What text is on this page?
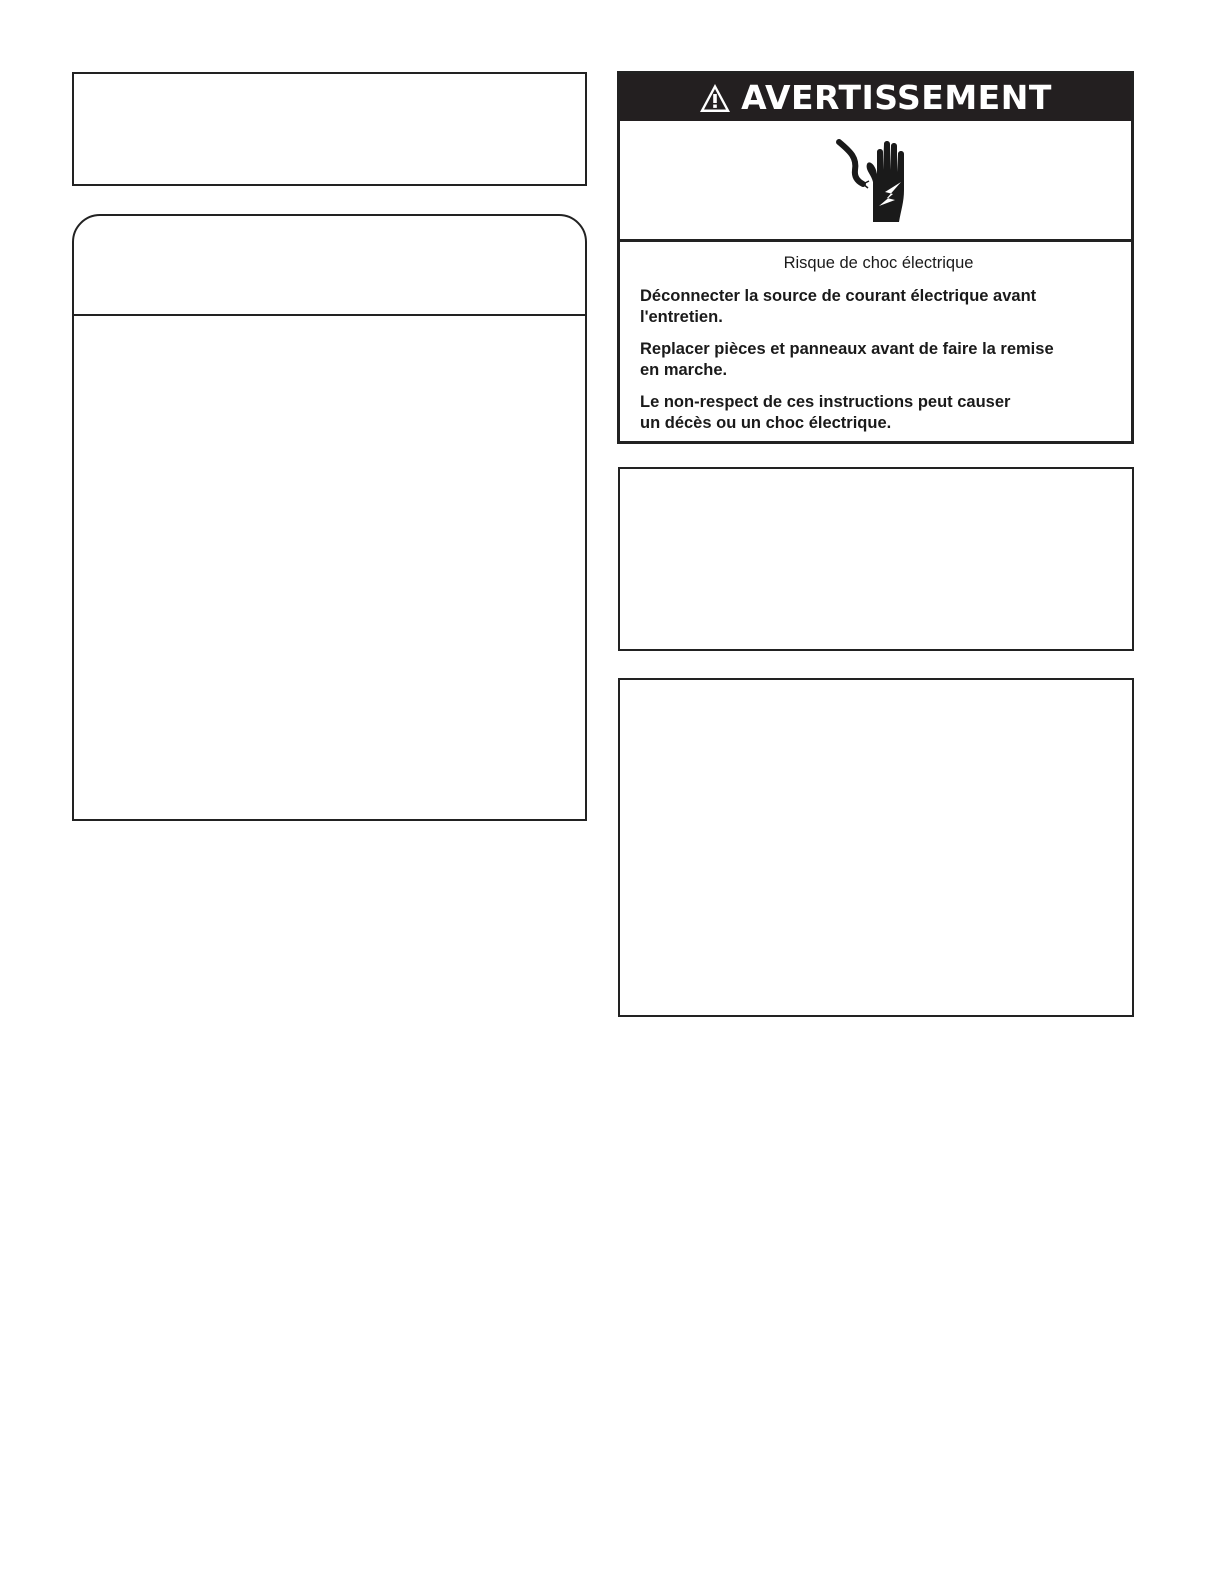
AVERTISSEMENT
Risque de choc électrique

Déconnecter la source de courant électrique avant
l'entretien.

Replacer pièces et panneaux avant de faire la remise
en marche.

Le non-respect de ces instructions peut causer
un décès ou un choc électrique.
